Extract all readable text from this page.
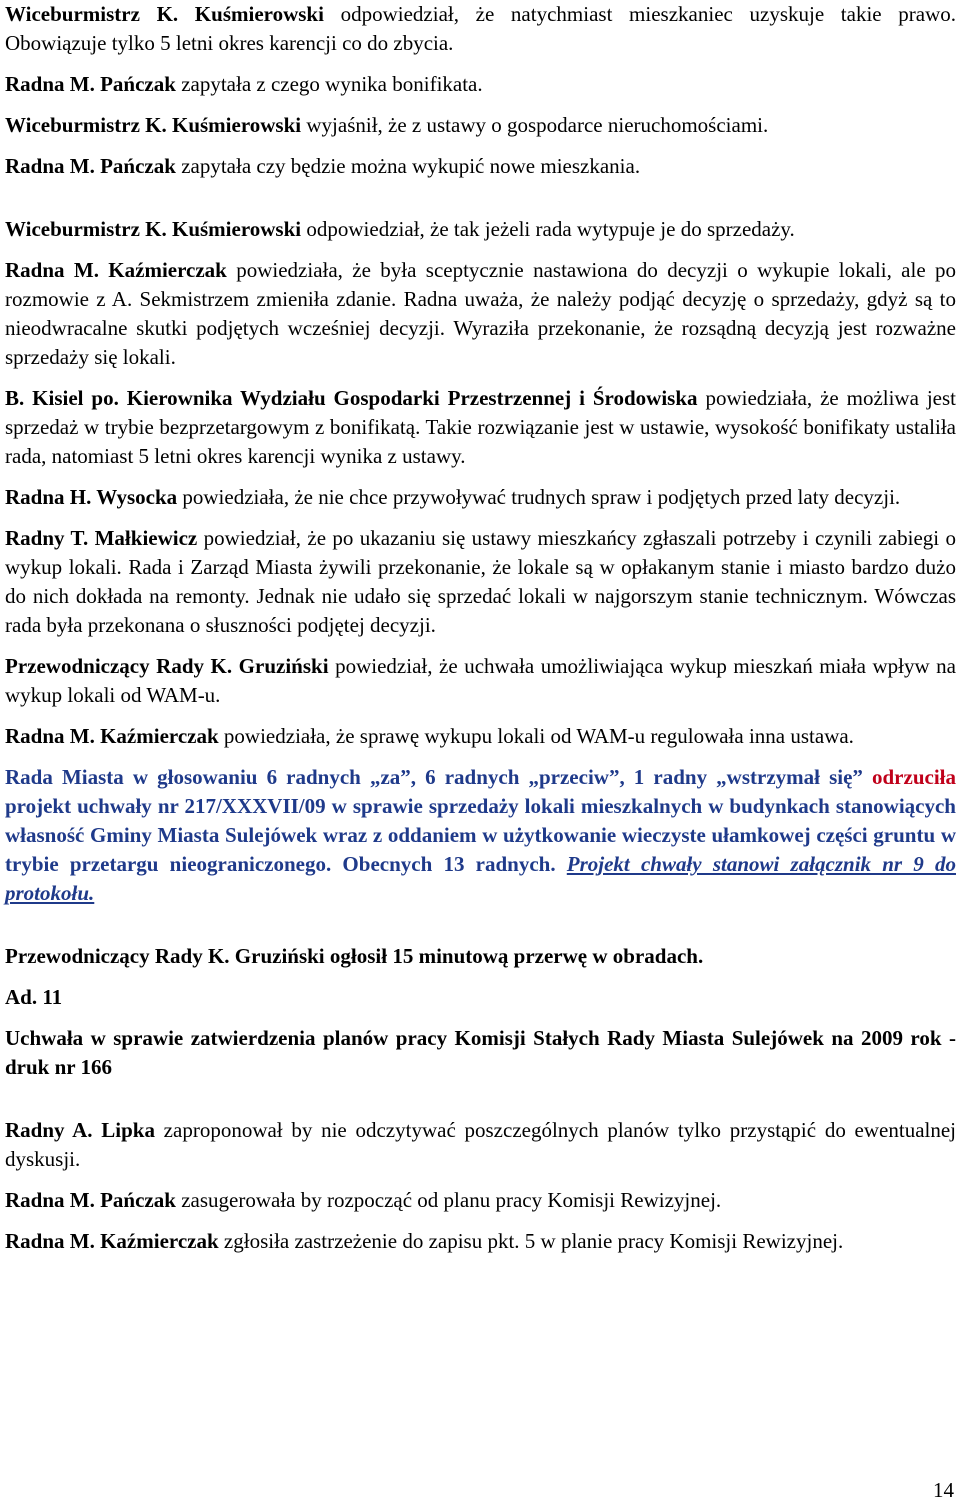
Wiceburmistrz K. Kuśmierowski odpowiedział, że natychmiast mieszkaniec uzyskuje takie prawo. Obowiązuje tylko 5 letni okres karencji co do zbycia.

Radna M. Pańczak zapytała z czego wynika bonifikata.

Wiceburmistrz K. Kuśmierowski wyjaśnił, że z ustawy o gospodarce nieruchomościami.

Radna M. Pańczak zapytała czy będzie można wykupić nowe mieszkania.

Wiceburmistrz K. Kuśmierowski odpowiedział, że tak jeżeli rada wytypuje je do sprzedaży.

Radna M. Kaźmierczak powiedziała, że była sceptycznie nastawiona do decyzji o wykupie lokali, ale po rozmowie z A. Sekmistrzem zmieniła zdanie. Radna uważa, że należy podjąć decyzję o sprzedaży, gdyż są to nieodwracalne skutki podjętych wcześniej decyzji. Wyraziła przekonanie, że rozsądną decyzją jest rozważne sprzedaży się lokali.

B. Kisiel po. Kierownika Wydziału Gospodarki Przestrzennej i Środowiska powiedziała, że możliwa jest sprzedaż w trybie bezprzetargowym z bonifikatą. Takie rozwiązanie jest w ustawie, wysokość bonifikaty ustaliła rada, natomiast 5 letni okres karencji wynika z ustawy.

Radna H. Wysocka powiedziała, że nie chce przywoływać trudnych spraw i podjętych przed laty decyzji.

Radny T. Małkiewicz powiedział, że po ukazaniu się ustawy mieszkańcy zgłaszali potrzeby i czynili zabiegi o wykup lokali. Rada i Zarząd Miasta żywili przekonanie, że lokale są w opłakanym stanie i miasto bardzo dużo do nich dokłada na remonty. Jednak nie udało się sprzedać lokali w najgorszym stanie technicznym. Wówczas rada była przekonana o słuszności podjętej decyzji.

Przewodniczący Rady K. Gruziński powiedział, że uchwała umożliwiająca wykup mieszkań miała wpływ na wykup lokali od WAM-u.

Radna M. Kaźmierczak powiedziała, że sprawę wykupu lokali od WAM-u regulowała inna ustawa.

Rada Miasta w głosowaniu 6 radnych „zа”, 6 radnych „przeciw”, 1 radny „wstrzymał się” odrzuciła projekt uchwały nr 217/XXXVII/09 w sprawie sprzedaży lokali mieszkalnych w budynkach stanowiących własność Gminy Miasta Sulejówek wraz z oddaniem w użytkowanie wieczyste ułamkowej części gruntu w trybie przetargu nieograniczonego. Obecnych 13 radnych. Projekt chwały stanowi załącznik nr 9 do protokołu.

Przewodniczący Rady K. Gruziński ogłosił 15 minutową przerwę w obradach.

Ad. 11

Uchwała w sprawie zatwierdzenia planów pracy Komisji Stałych Rady Miasta Sulejówek na 2009 rok - druk nr 166

Radny A. Lipka zaproponował by nie odczytywać poszczególnych planów tylko przystąpić do ewentualnej dyskusji.

Radna M. Pańczak zasugerowała by rozpocząć od planu pracy Komisji Rewizyjnej.

Radna M. Kaźmierczak zgłosiła zastrzeżenie do zapisu pkt. 5 w planie pracy Komisji Rewizyjnej.

14
